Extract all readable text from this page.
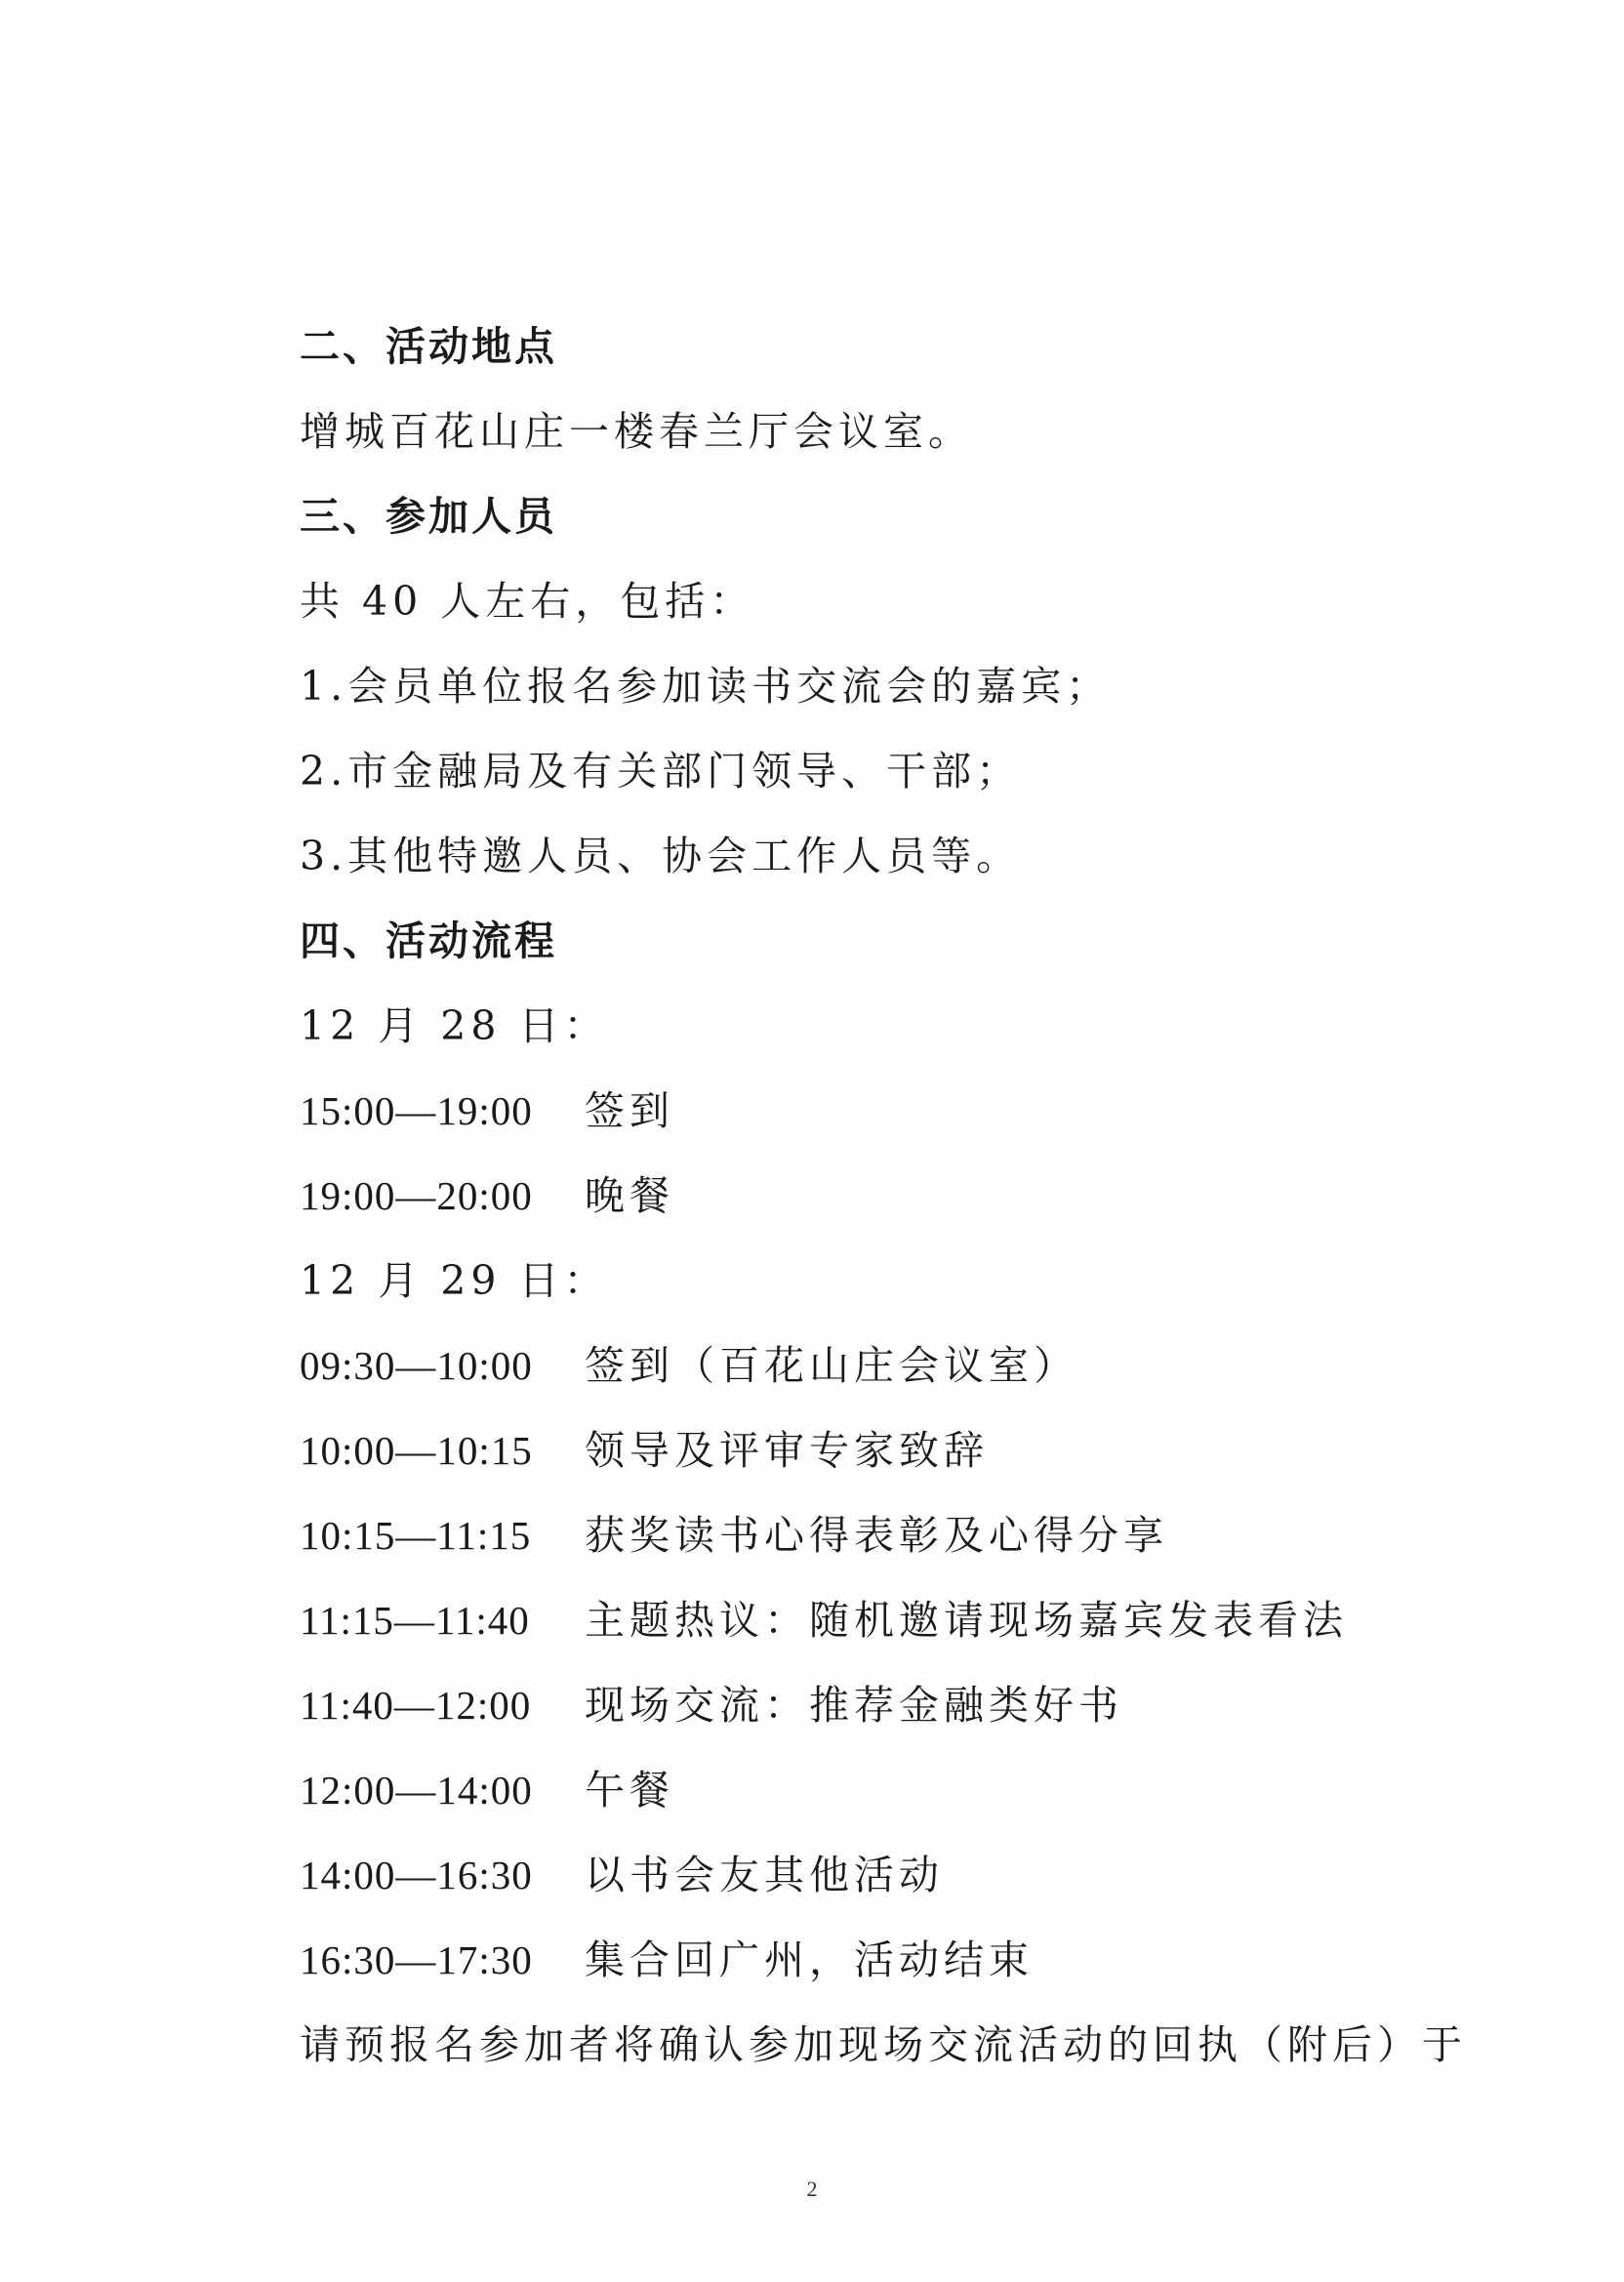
二、活动地点
增城百花山庄一楼春兰厅会议室。
三、参加人员
共 40 人左右，包括：
1.会员单位报名参加读书交流会的嘉宾；
2.市金融局及有关部门领导、干部；
3.其他特邀人员、协会工作人员等。
四、活动流程
12 月 28 日：
15:00—19:00	签到
19:00—20:00	晚餐
12 月 29 日：
09:30—10:00	签到（百花山庄会议室）
10:00—10:15	领导及评审专家致辞
10:15—11:15	获奖读书心得表彰及心得分享
11:15—11:40	主题热议：随机邀请现场嘉宾发表看法
11:40—12:00	现场交流：推荐金融类好书
12:00—14:00	午餐
14:00—16:30	以书会友其他活动
16:30—17:30	集合回广州，活动结束
请预报名参加者将确认参加现场交流活动的回执（附后）于
2
